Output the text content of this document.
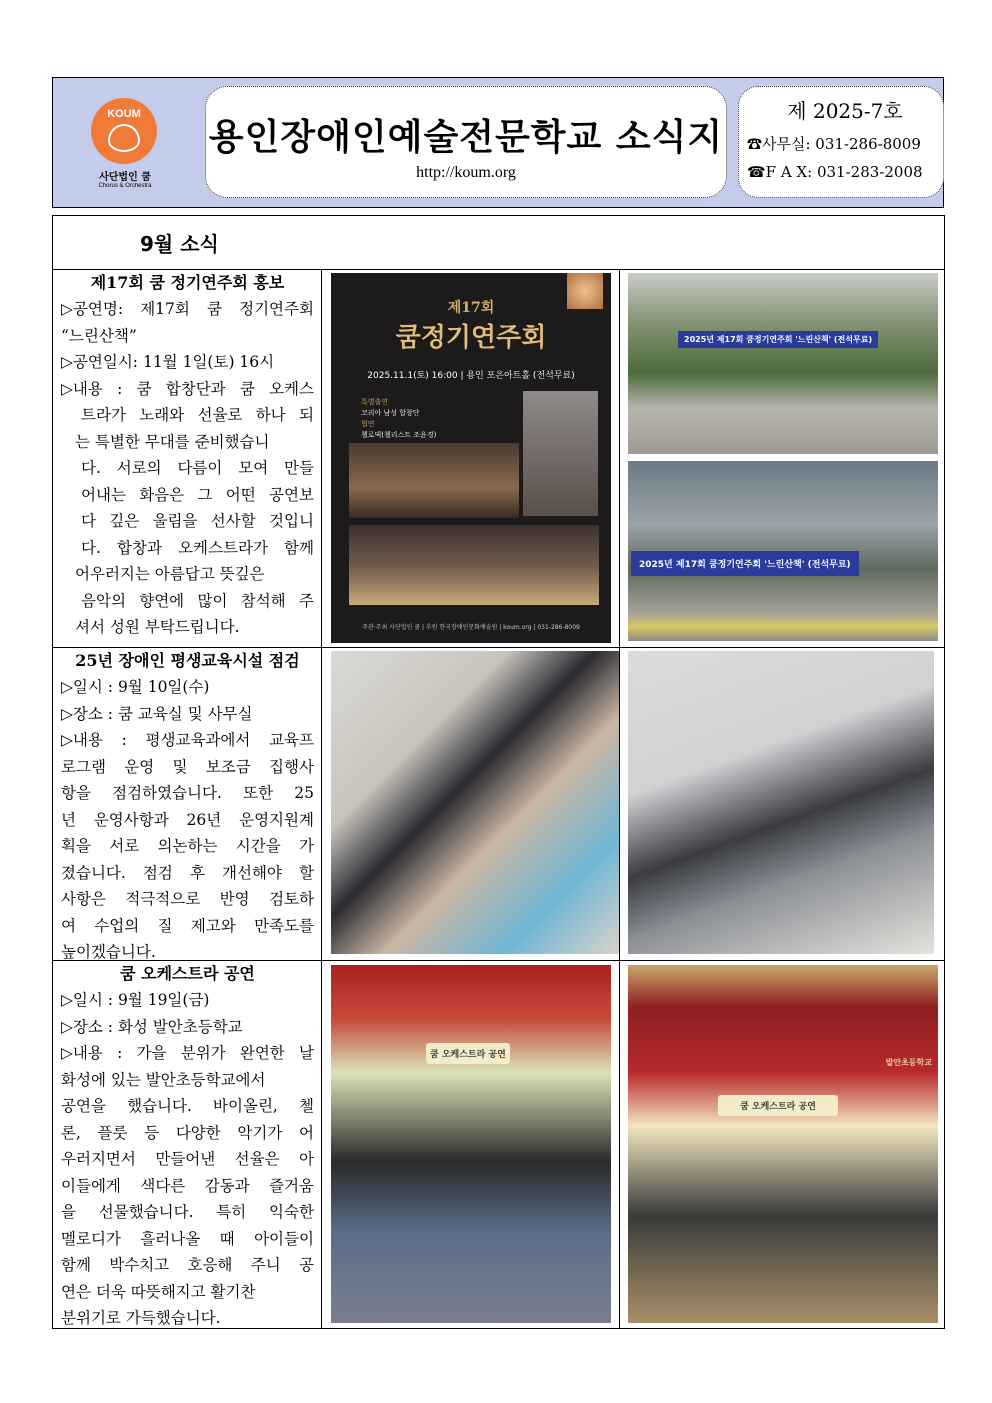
KOUM
사단법인 쿰
Chorus & Orchestra
용인장애인예술전문학교 소식지
http://koum.org
제 2025-7호
☎사무실: 031-286-8009
☎F A X: 031-283-2008
9월 소식
제17회 쿰 정기연주회 홍보
▷공연명: 제17회 쿰 정기연주회
“느린산책”
▷공연일시: 11월 1일(토) 16시
▷내용 : 쿰 합창단과 쿰 오케스
트라가 노래와 선율로 하나 되
는 특별한 무대를 준비했습니
다. 서로의 다름이 모여 만들
어내는 화음은 그 어떤 공연보
다 깊은 울림을 선사할 것입니
다. 합창과 오케스트라가 함께
어우러지는 아름답고 뜻깊은
음악의 향연에 많이 참석해 주
셔서 성원 부탁드립니다.
제17회
쿰정기연주회
2025.11.1(토) 16:00 | 용인 포은아트홀 (전석무료)
특별출연
코리아 남성 합창단
협연
첼로댁(첼리스트 조윤경)
주관·주최 사단법인 쿰 | 후원 한국장애인문화예술원 | koum.org | 031-286-8009
2025년 제17회 쿰정기연주회 '느린산책' (전석무료)
2025년 제17회 쿰정기연주회 '느린산책' (전석무료)
25년 장애인 평생교육시설 점검
▷일시 : 9월 10일(수)
▷장소 : 쿰 교육실 및 사무실
▷내용 : 평생교육과에서 교육프
로그램 운영 및 보조금 집행사
항을 점검하였습니다. 또한 25
년 운영사항과 26년 운영지원계
획을 서로 의논하는 시간을 가
졌습니다. 점검 후 개선해야 할
사항은 적극적으로 반영 검토하
여 수업의 질 제고와 만족도를
높이겠습니다.
쿰 오케스트라 공연
▷일시 : 9월 19일(금)
▷장소 : 화성 발안초등학교
▷내용 : 가을 분위가 완연한 날
화성에 있는 발안초등학교에서
공연을 했습니다. 바이올린, 첼
론, 플룻 등 다양한 악기가 어
우러지면서 만들어낸 선율은 아
이들에게 색다른 감동과 즐거움
을 선물했습니다. 특히 익숙한
멜로디가 흘러나올 때 아이들이
함께 박수치고 호응해 주니 공
연은 더욱 따뜻해지고 활기찬
분위기로 가득했습니다.
쿰 오케스트라 공연
쿰 오케스트라 공연
발안초등학교
